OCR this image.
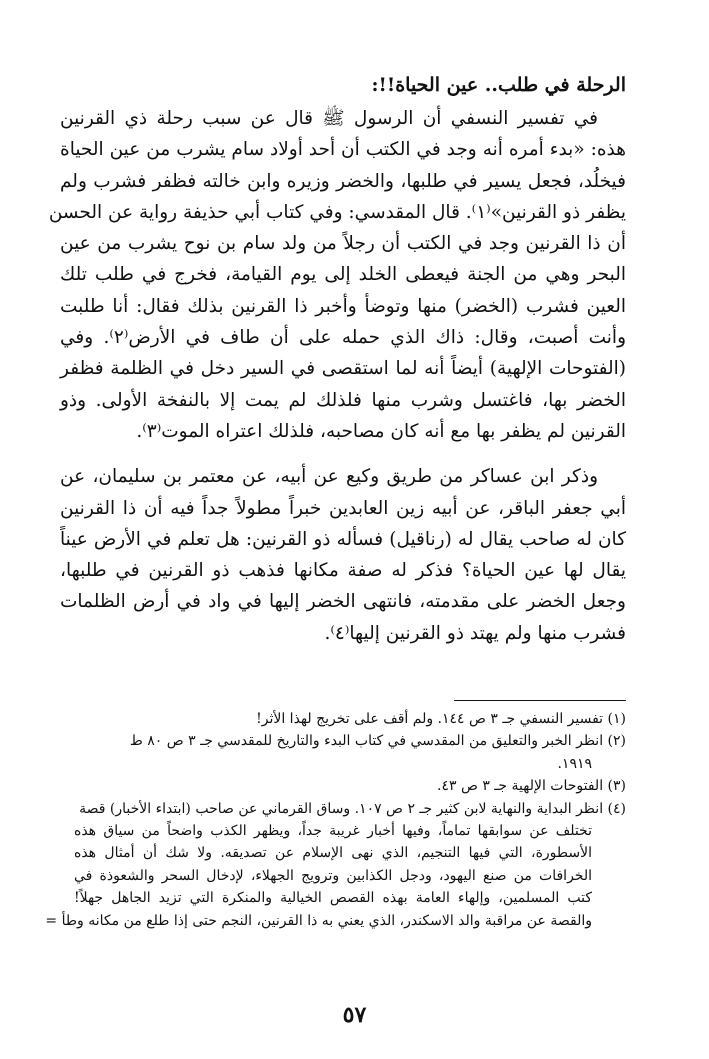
الرحلة في طلب.. عين الحياة!!:

في تفسير النسفي أن الرسول ﷺ قال عن سبب رحلة ذي القرنين
هذه: «بدء أمره أنه وجد في الكتب أن أحد أولاد سام يشرب من عين الحياة
فيخلُد، فجعل يسير في طلبها، والخضر وزيره وابن خالته فظفر فشرب ولم
يظفر ذو القرنين»⁽١⁾. قال المقدسي: وفي كتاب أبي حذيفة رواية عن الحسن
أن ذا القرنين وجد في الكتب أن رجلاً من ولد سام بن نوح يشرب من عين
البحر وهي من الجنة فيعطى الخلد إلى يوم القيامة، فخرج في طلب تلك
العين فشرب (الخضر) منها وتوضأ وأخبر ذا القرنين بذلك فقال: أنا طلبت
وأنت أصبت، وقال: ذاك الذي حمله على أن طاف في الأرض⁽٢⁾. وفي
(الفتوحات الإلهية) أيضاً أنه لما استقصى في السير دخل في الظلمة فظفر
الخضر بها، فاغتسل وشرب منها فلذلك لم يمت إلا بالنفخة الأولى. وذو
القرنين لم يظفر بها مع أنه كان مصاحبه، فلذلك اعتراه الموت⁽٣⁾.
وذكر ابن عساكر من طريق وكيع عن أبيه، عن معتمر بن سليمان، عن
أبي جعفر الباقر، عن أبيه زين العابدين خبراً مطولاً جداً فيه أن ذا القرنين
كان له صاحب يقال له (رناقيل) فسأله ذو القرنين: هل تعلم في الأرض عيناً
يقال لها عين الحياة؟ فذكر له صفة مكانها فذهب ذو القرنين في طلبها،
وجعل الخضر على مقدمته، فانتهى الخضر إليها في واد في أرض الظلمات
فشرب منها ولم يهتد ذو القرنين إليها⁽٤⁾.
(١) تفسير النسفي جـ ٣ ص ١٤٤. ولم أقف على تخريج لهذا الأثر!
(٢) انظر الخبر والتعليق من المقدسي في كتاب البدء والتاريخ للمقدسي جـ ٣ ص ٨٠ ط
١٩١٩.
(٣) الفتوحات الإلهية جـ ٣ ص ٤٣.
(٤) انظر البداية والنهاية لابن كثير جـ ٢ ص ١٠٧. وساق القرماني عن صاحب (ابتداء الأخبار) قصة
تختلف عن سوابقها تماماً، وفيها أخبار غريبة جداً، ويظهر الكذب واضحاً من سياق هذه
الأسطورة، التي فيها التنجيم، الذي نهى الإسلام عن تصديقه. ولا شك أن أمثال هذه
الخرافات من صنع اليهود، ودجل الكذابين وترويج الجهلاء، لإدخال السحر والشعوذة في
كتب المسلمين، وإلهاء العامة بهذه القصص الخيالية والمنكرة التي تزيد الجاهل جهلاً!
والقصة عن مراقبة والد الاسكندر، الذي يعني به ذا القرنين، النجم حتى إذا طلع من مكانه وطأ =
٥٧
